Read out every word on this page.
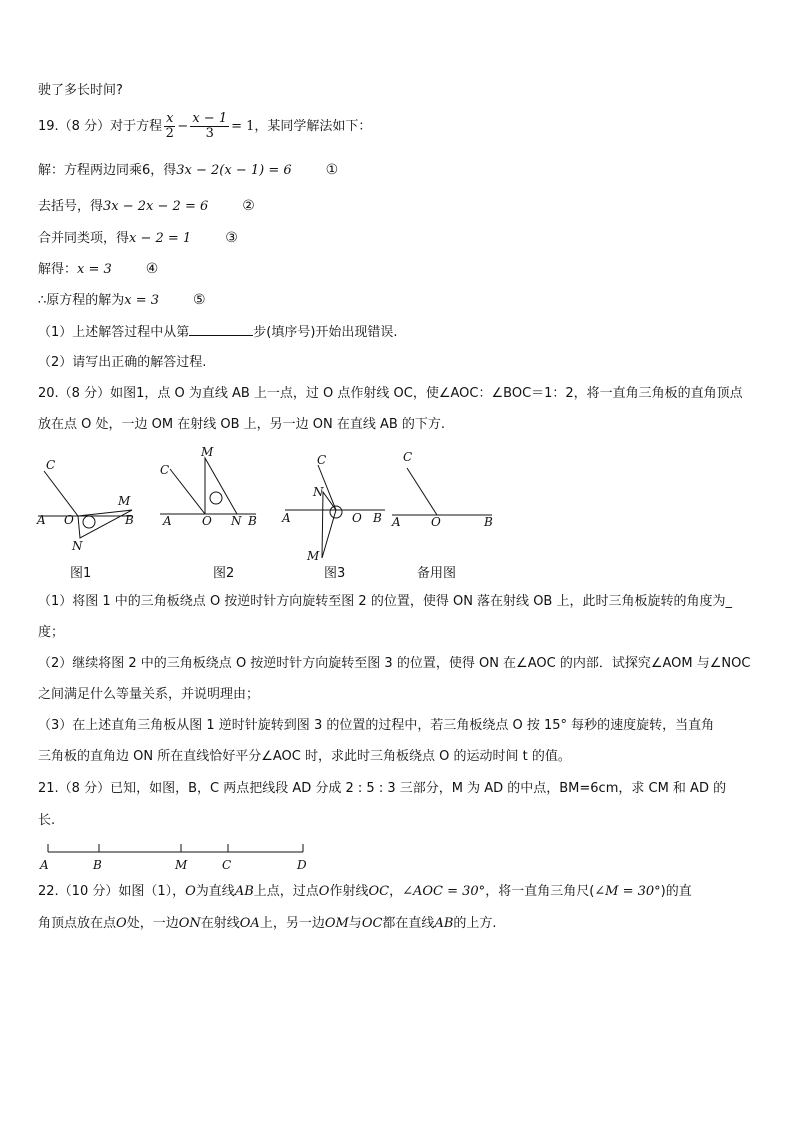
驶了多长时间?
19.（8 分）对于方程 $\frac{x}{2} - \frac{x - 1}{3} = 1$，某同学解法如下：
解：方程两边同乘6，得3x − 2(x − 1) = 6 ①
去括号，得3x − 2x − 2 = 6 ②
合并同类项，得x − 2 = 1 ③
解得：x = 3 ④
∴原方程的解为x = 3 ⑤
（1）上述解答过程中从第	步(填序号)开始出现错误.
（2）请写出正确的解答过程.
20.（8 分）如图1，点 O 为直线 AB 上一点，过 O 点作射线 OC，使∠AOC：∠BOC＝1：2，将一直角三角板的直角顶点
放在点 O 处，一边 OM 在射线 OB 上，另一边 ON 在直线 AB 的下方.
C
A O
M
B
N
C
M
A	O N B
C
N
A	O B
M
C
A	O	B
图1	图2	图3	备用图
（1）将图 1 中的三角板绕点 O 按逆时针方向旋转至图 2 的位置，使得 ON 落在射线 OB 上，此时三角板旋转的角度为_
度；
（2）继续将图 2 中的三角板绕点 O 按逆时针方向旋转至图 3 的位置，使得 ON 在∠AOC 的内部．试探究∠AOM 与∠NOC
之间满足什么等量关系，并说明理由；
（3）在上述直角三角板从图 1 逆时针旋转到图 3 的位置的过程中，若三角板绕点 O 按 15° 每秒的速度旋转，当直角
三角板的直角边 ON 所在直线恰好平分∠AOC 时，求此时三角板绕点 O 的运动时间 t 的值。
21.（8 分）已知，如图，B，C 两点把线段 AD 分成 2 : 5 : 3 三部分，M 为 AD 的中点，BM=6cm，求 CM 和 AD 的
长.
A	B	M	C	D
22.（10 分）如图（1），O为直线AB上点，过点O作射线OC，∠AOC = 30°，将一直角三角尺(∠M = 30°)的直
角顶点放在点O处，一边ON在射线OA上，另一边OM与OC都在直线AB的上方.
